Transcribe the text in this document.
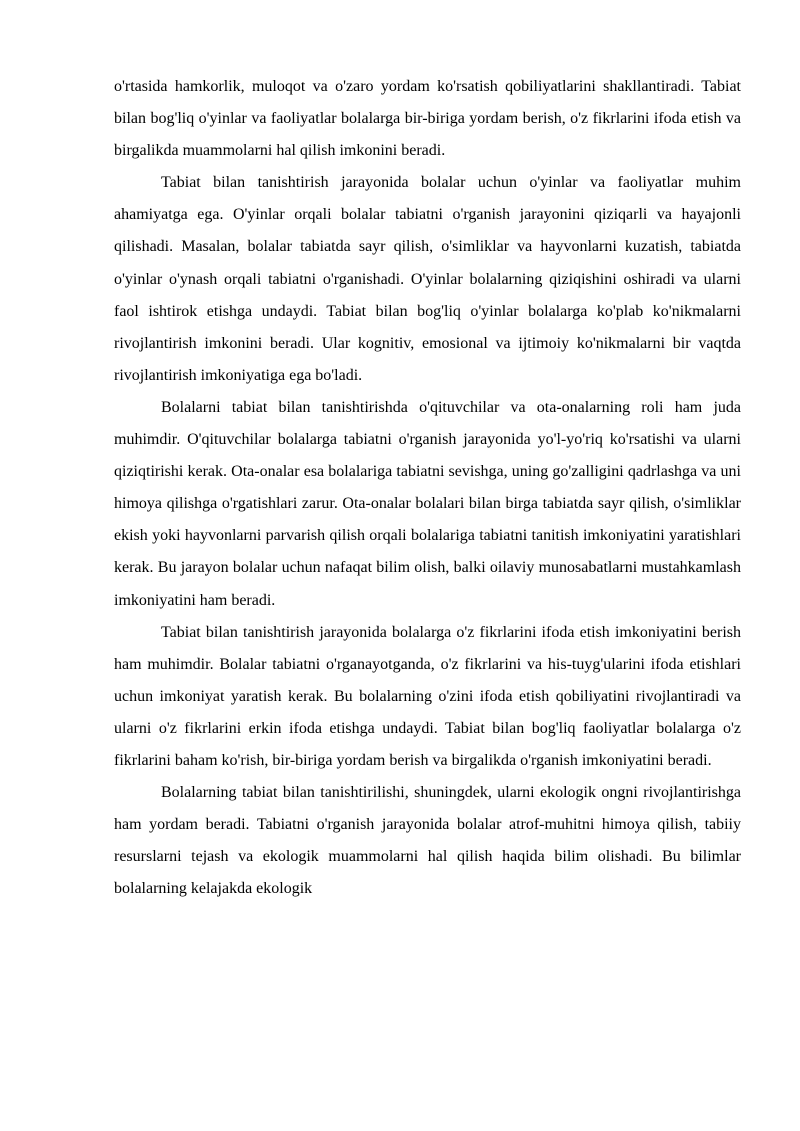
o'rtasida hamkorlik, muloqot va o'zaro yordam ko'rsatish qobiliyatlarini shakllantiradi. Tabiat bilan bog'liq o'yinlar va faoliyatlar bolalarga bir-biriga yordam berish, o'z fikrlarini ifoda etish va birgalikda muammolarni hal qilish imkonini beradi.

Tabiat bilan tanishtirish jarayonida bolalar uchun o'yinlar va faoliyatlar muhim ahamiyatga ega. O'yinlar orqali bolalar tabiatni o'rganish jarayonini qiziqarli va hayajonli qilishadi. Masalan, bolalar tabiatda sayr qilish, o'simliklar va hayvonlarni kuzatish, tabiatda o'yinlar o'ynash orqali tabiatni o'rganishadi. O'yinlar bolalarning qiziqishini oshiradi va ularni faol ishtirok etishga undaydi. Tabiat bilan bog'liq o'yinlar bolalarga ko'plab ko'nikmalarni rivojlantirish imkonini beradi. Ular kognitiv, emosional va ijtimoiy ko'nikmalarni bir vaqtda rivojlantirish imkoniyatiga ega bo'ladi.

Bolalarni tabiat bilan tanishtirishda o'qituvchilar va ota-onalarning roli ham juda muhimdir. O'qituvchilar bolalarga tabiatni o'rganish jarayonida yo'l-yo'riq ko'rsatishi va ularni qiziqtirishi kerak. Ota-onalar esa bolalariga tabiatni sevishga, uning go'zalligini qadrlashga va uni himoya qilishga o'rgatishlari zarur. Ota-onalar bolalari bilan birga tabiatda sayr qilish, o'simliklar ekish yoki hayvonlarni parvarish qilish orqali bolalariga tabiatni tanitish imkoniyatini yaratishlari kerak. Bu jarayon bolalar uchun nafaqat bilim olish, balki oilaviy munosabatlarni mustahkamlash imkoniyatini ham beradi.

Tabiat bilan tanishtirish jarayonida bolalarga o'z fikrlarini ifoda etish imkoniyatini berish ham muhimdir. Bolalar tabiatni o'rganayotganda, o'z fikrlarini va his-tuyg'ularini ifoda etishlari uchun imkoniyat yaratish kerak. Bu bolalarning o'zini ifoda etish qobiliyatini rivojlantiradi va ularni o'z fikrlarini erkin ifoda etishga undaydi. Tabiat bilan bog'liq faoliyatlar bolalarga o'z fikrlarini baham ko'rish, bir-biriga yordam berish va birgalikda o'rganish imkoniyatini beradi.

Bolalarning tabiat bilan tanishtirilishi, shuningdek, ularni ekologik ongni rivojlantirishga ham yordam beradi. Tabiatni o'rganish jarayonida bolalar atrof-muhitni himoya qilish, tabiiy resurslarni tejash va ekologik muammolarni hal qilish haqida bilim olishadi. Bu bilimlar bolalarning kelajakda ekologik
